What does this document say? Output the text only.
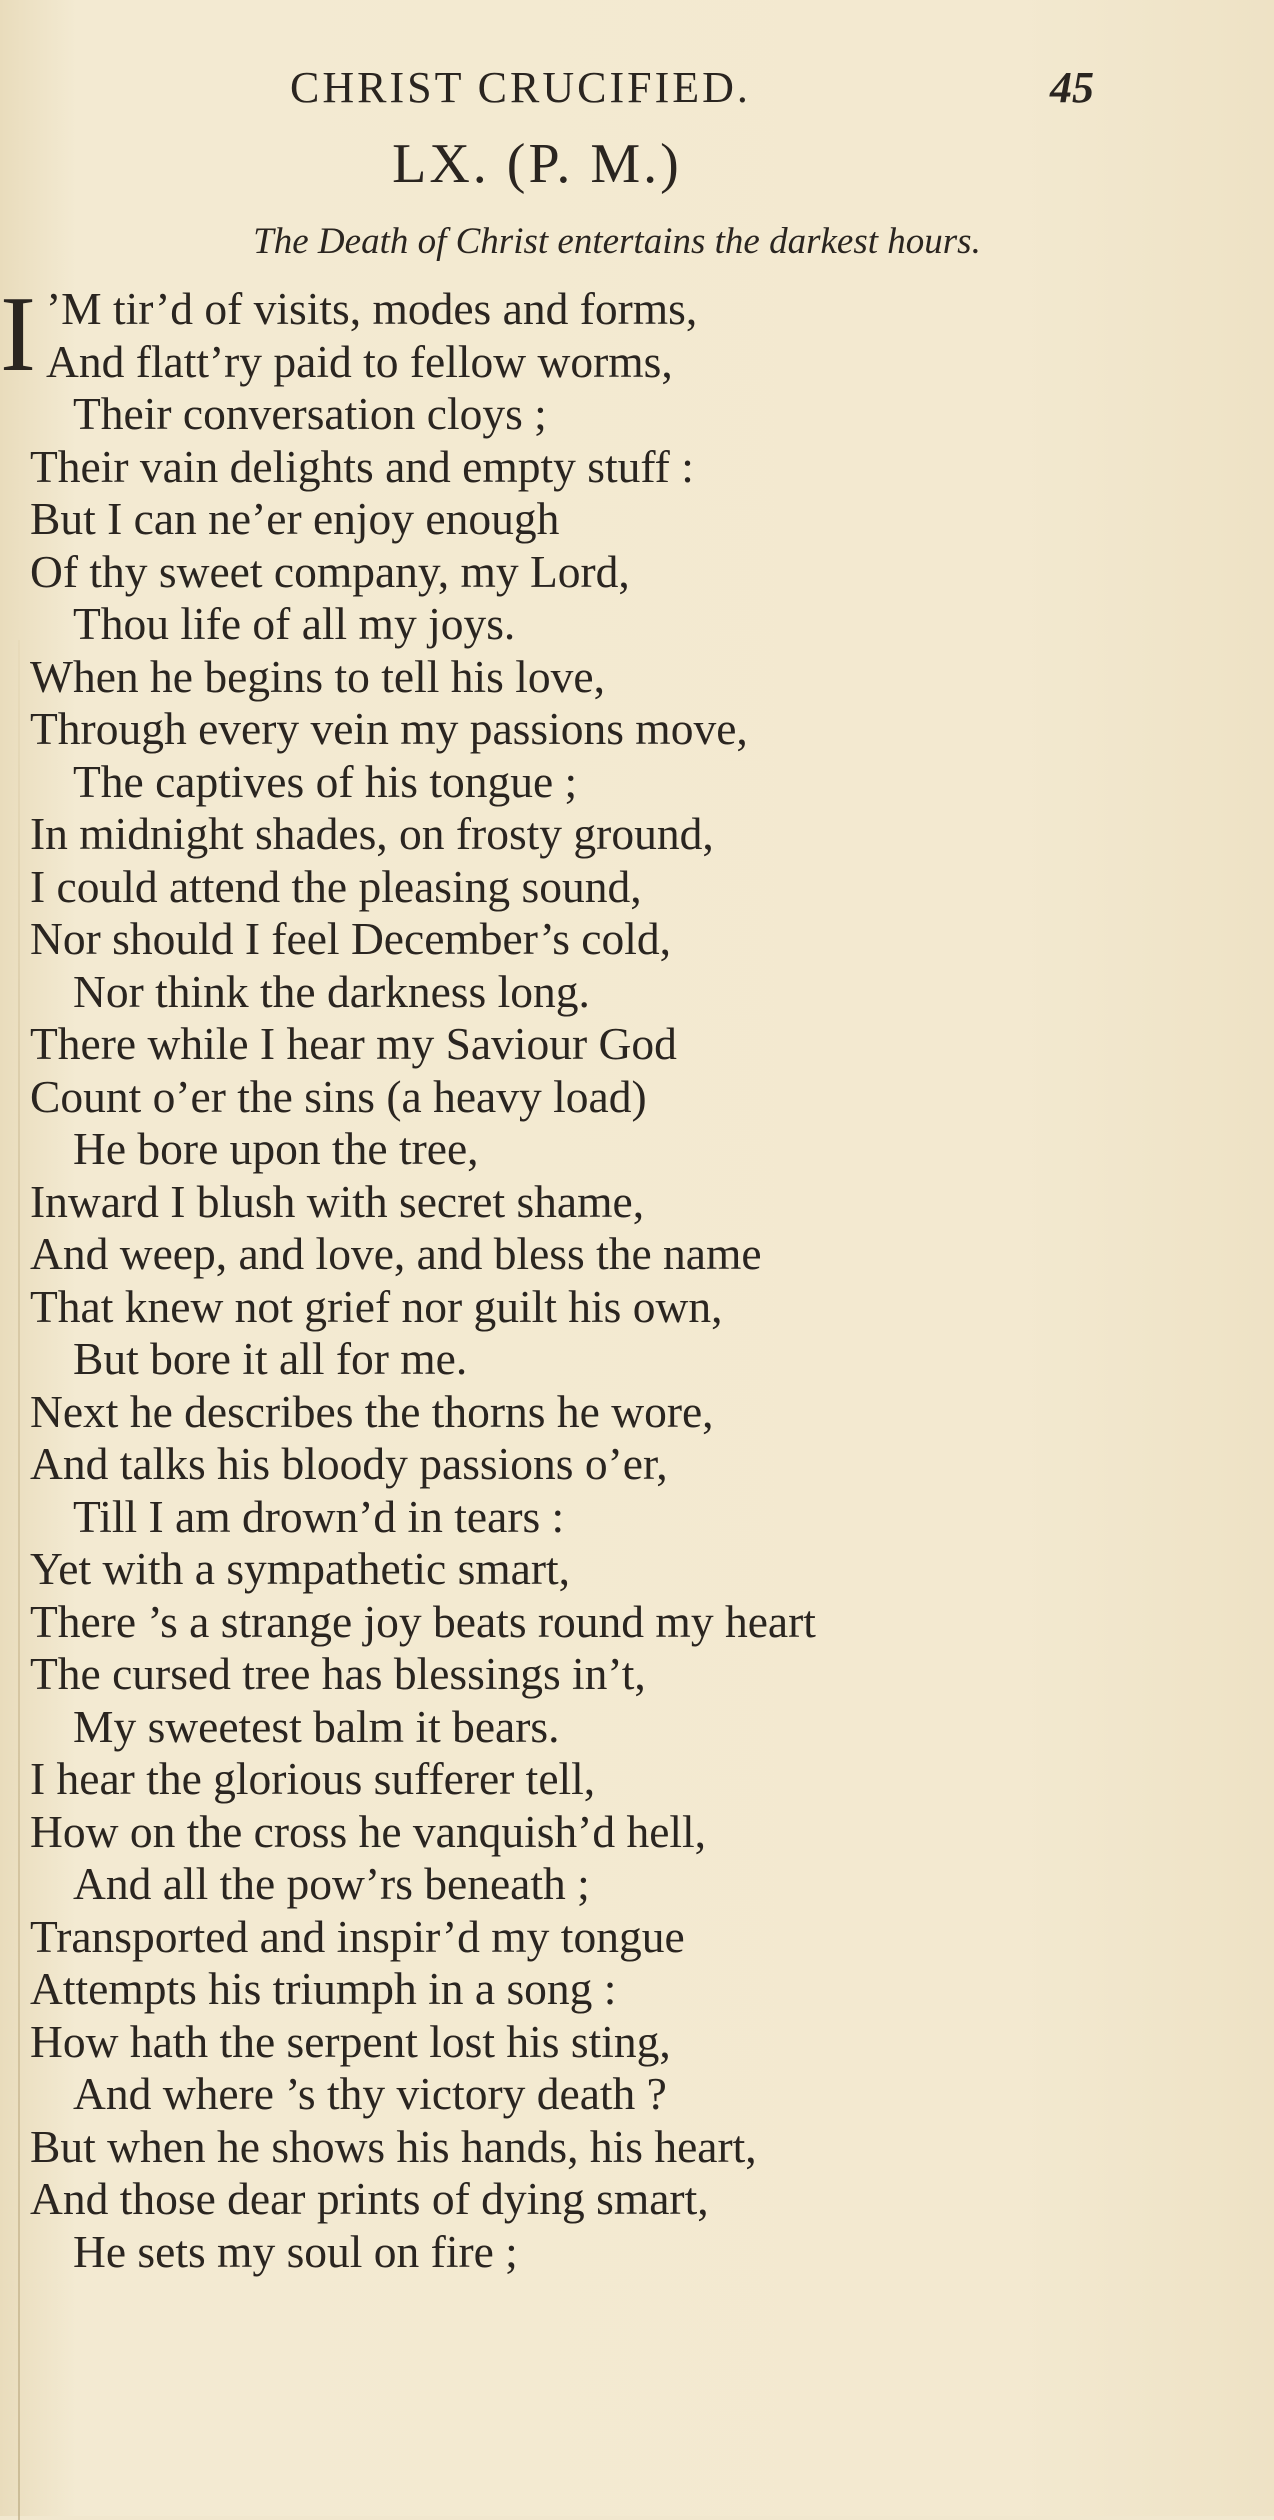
CHRIST CRUCIFIED.	45
LX. (P. M.)
The Death of Christ entertains the darkest hours.
I ’M tir’d of visits, modes and forms,
And flatt’ry paid to fellow worms,
Their conversation cloys ;
Their vain delights and empty stuff :
But I can ne’er enjoy enough
Of thy sweet company, my Lord,
Thou life of all my joys.
When he begins to tell his love,
Through every vein my passions move,
The captives of his tongue ;
In midnight shades, on frosty ground,
I could attend the pleasing sound,
Nor should I feel December’s cold,
Nor think the darkness long.
There while I hear my Saviour God
Count o’er the sins (a heavy load)
He bore upon the tree,
Inward I blush with secret shame,
And weep, and love, and bless the name
That knew not grief nor guilt his own,
But bore it all for me.
Next he describes the thorns he wore,
And talks his bloody passions o’er,
Till I am drown’d in tears :
Yet with a sympathetic smart,
There ’s a strange joy beats round my heart
The cursed tree has blessings in’t,
My sweetest balm it bears.
I hear the glorious sufferer tell,
How on the cross he vanquish’d hell,
And all the pow’rs beneath ;
Transported and inspir’d my tongue
Attempts his triumph in a song :
How hath the serpent lost his sting,
And where ’s thy victory death ?
But when he shows his hands, his heart,
And those dear prints of dying smart,
He sets my soul on fire ;
